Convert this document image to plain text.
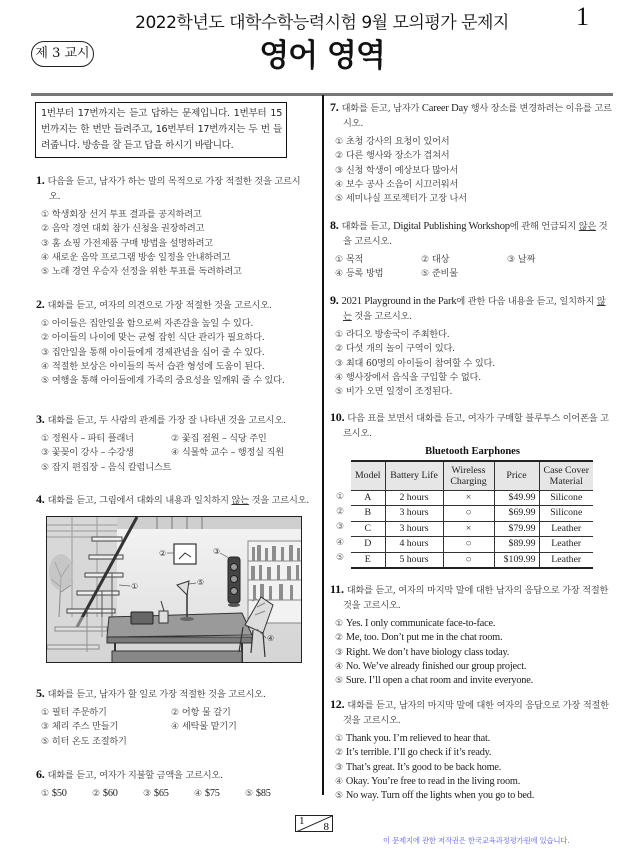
2022학년도 대학수학능력시험 9월 모의평가 문제지	1
제 3 교시	영어 영역
1번부터 17번까지는 듣고 답하는 문제입니다. 1번부터 15번까지는 한 번만 들려주고, 16번부터 17번까지는 두 번 들려줍니다. 방송을 잘 듣고 답을 하시기 바랍니다.
1. 다음을 듣고, 남자가 하는 말의 목적으로 가장 적절한 것을 고르시오.
① 학생회장 선거 투표 결과를 공지하려고
② 음악 경연 대회 참가 신청을 권장하려고
③ 홈 쇼핑 가전제품 구매 방법을 설명하려고
④ 새로운 음악 프로그램 방송 일정을 안내하려고
⑤ 노래 경연 우승자 선정을 위한 투표를 독려하려고
2. 대화를 듣고, 여자의 의견으로 가장 적절한 것을 고르시오.
① 아이들은 집안일을 함으로써 자존감을 높일 수 있다.
② 아이들의 나이에 맞는 균형 잡힌 식단 관리가 필요하다.
③ 집안일을 통해 아이들에게 경제관념을 심어 줄 수 있다.
④ 적절한 보상은 아이들의 독서 습관 형성에 도움이 된다.
⑤ 여행을 통해 아이들에게 가족의 중요성을 일깨워 줄 수 있다.
3. 대화를 듣고, 두 사람의 관계를 가장 잘 나타낸 것을 고르시오.
① 정원사 – 파티 플래너	② 꽃집 점원 – 식당 주인
③ 꽃꽂이 강사 – 수강생	④ 식물학 교수 – 행정실 직원
⑤ 잡지 편집장 – 음식 칼럼니스트
4. 대화를 듣고, 그림에서 대화의 내용과 일치하지 않는 것을 고르시오.
①
②	③
④
⑤
5. 대화를 듣고, 남자가 할 일로 가장 적절한 것을 고르시오.
① 필터 주문하기	② 어항 물 갈기
③ 체리 주스 만들기	④ 세탁물 맡기기
⑤ 히터 온도 조절하기
6. 대화를 듣고, 여자가 지불할 금액을 고르시오.
① $50	② $60	③ $65	④ $75	⑤ $85
7. 대화를 듣고, 남자가 Career Day 행사 장소를 변경하려는 이유를 고르시오.
① 초청 강사의 요청이 있어서
② 다른 행사와 장소가 겹쳐서
③ 신청 학생이 예상보다 많아서
④ 보수 공사 소음이 시끄러워서
⑤ 세미나실 프로젝터가 고장 나서
8. 대화를 듣고, Digital Publishing Workshop에 관해 언급되지 않은 것을 고르시오.
① 목적	② 대상	③ 날짜
④ 등록 방법	⑤ 준비물
9. 2021 Playground in the Park에 관한 다음 내용을 듣고, 일치하지 않는 것을 고르시오.
① 라디오 방송국이 주최한다.
② 다섯 개의 놀이 구역이 있다.
③ 최대 60명의 아이들이 참여할 수 있다.
④ 행사장에서 음식을 구입할 수 없다.
⑤ 비가 오면 일정이 조정된다.
10. 다음 표를 보면서 대화를 듣고, 여자가 구매할 블루투스 이어폰을 고르시오.
Bluetooth Earphones
Model	Battery Life	Wireless Charging	Price	Case Cover Material
A	2 hours	×	$49.99	Silicone
B	3 hours	○	$69.99	Silicone
C	3 hours	×	$79.99	Leather
D	4 hours	○	$89.99	Leather
E	5 hours	○	$109.99	Leather
①
②
③
④
⑤
11. 대화를 듣고, 여자의 마지막 말에 대한 남자의 응답으로 가장 적절한 것을 고르시오.
① Yes. I only communicate face-to-face.
② Me, too. Don’t put me in the chat room.
③ Right. We don’t have biology class today.
④ No. We’ve already finished our group project.
⑤ Sure. I’ll open a chat room and invite everyone.
12. 대화를 듣고, 남자의 마지막 말에 대한 여자의 응답으로 가장 적절한 것을 고르시오.
① Thank you. I’m relieved to hear that.
② It’s terrible. I’ll go check if it’s ready.
③ That’s great. It’s good to be back home.
④ Okay. You’re free to read in the living room.
⑤ No way. Turn off the lights when you go to bed.
1 8
이 문제지에 관한 저작권은 한국교육과정평가원에 있습니다.
